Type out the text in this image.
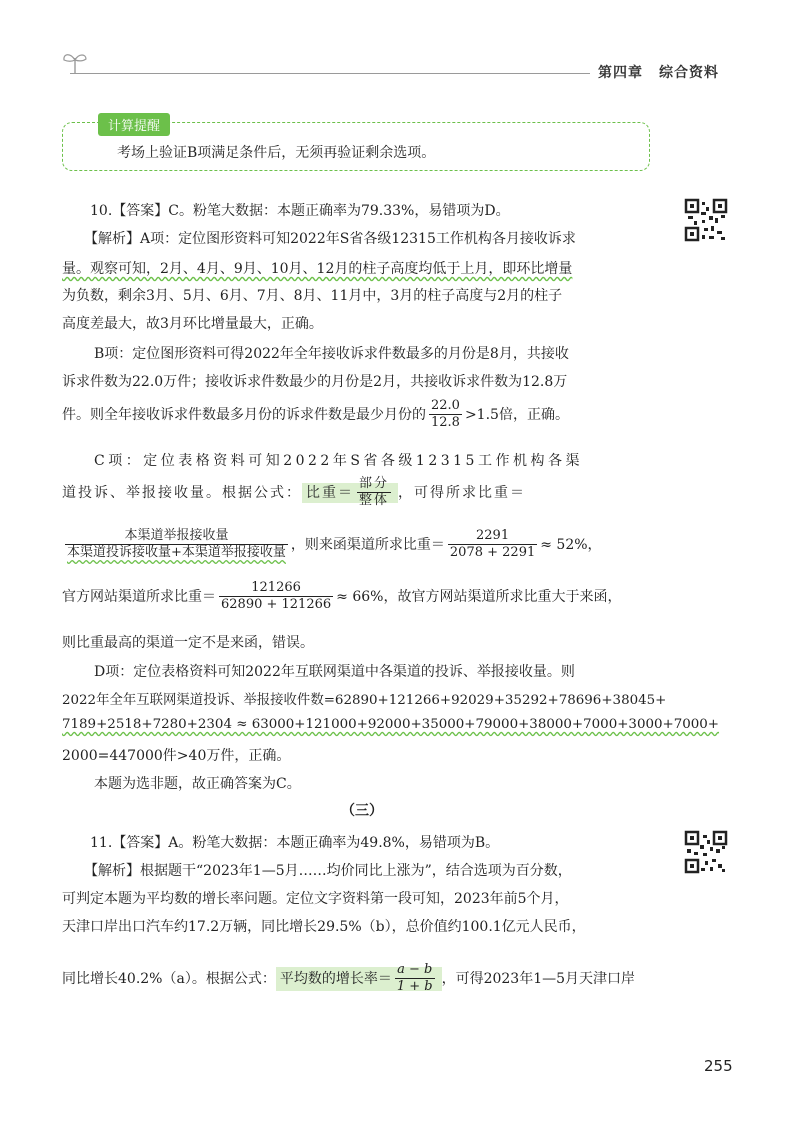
第四章 综合资料
计算提醒
考场上验证B项满足条件后，无须再验证剩余选项。
10.【答案】C。粉笔大数据：本题正确率为79.33%，易错项为D。
【解析】A项：定位图形资料可知2022年S省各级12315工作机构各月接收诉求
量。观察可知，2月、4月、9月、10月、12月的柱子高度均低于上月，即环比增量
为负数，剩余3月、5月、6月、7月、8月、11月中，3月的柱子高度与2月的柱子
高度差最大，故3月环比增量最大，正确。
B项：定位图形资料可得2022年全年接收诉求件数最多的月份是8月，共接收
诉求件数为22.0万件；接收诉求件数最少的月份是2月，共接收诉求件数为12.8万
件。则全年接收诉求件数最多月份的诉求件数是最少月份的 $\frac{22.0}{12.8} >1.5$倍，正确。
C项：定位表格资料可知2022年S省各级12315工作机构各渠
道投诉、举报接收量。根据公式： 比重＝ $\frac{\text{部分}}{\text{整体}}$ ，可得所求比重＝
$\frac{\text{本渠道举报接收量}}{\text{本渠道投诉接收量+本渠道举报接收量}}$ ，则来函渠道所求比重＝ $\frac{2291}{2078 + 2291} \approx 52\%$，
官方网站渠道所求比重＝ $\frac{121266}{62890 + 121266} \approx 66\%$，故官方网站渠道所求比重大于来函，
则比重最高的渠道一定不是来函，错误。
D项：定位表格资料可知2022年互联网渠道中各渠道的投诉、举报接收量。则
2022年全年互联网渠道投诉、举报接收件数=62890+121266+92029+35292+78696+38045+
7189+2518+7280+2304 ≈ 63000+121000+92000+35000+79000+38000+7000+3000+7000+
2000=447000件>40万件，正确。
本题为选非题，故正确答案为C。
（三）
11.【答案】A。粉笔大数据：本题正确率为49.8%，易错项为B。
【解析】根据题干“2023年1—5月……均价同比上涨为”，结合选项为百分数，
可判定本题为平均数的增长率问题。定位文字资料第一段可知，2023年前5个月，
天津口岸出口汽车约17.2万辆，同比增长29.5%（b），总价值约100.1亿元人民币，
同比增长40.2%（a）。根据公式： 平均数的增长率＝ $\frac{a - b}{1 + b}$ ，可得2023年1—5月天津口岸
255
